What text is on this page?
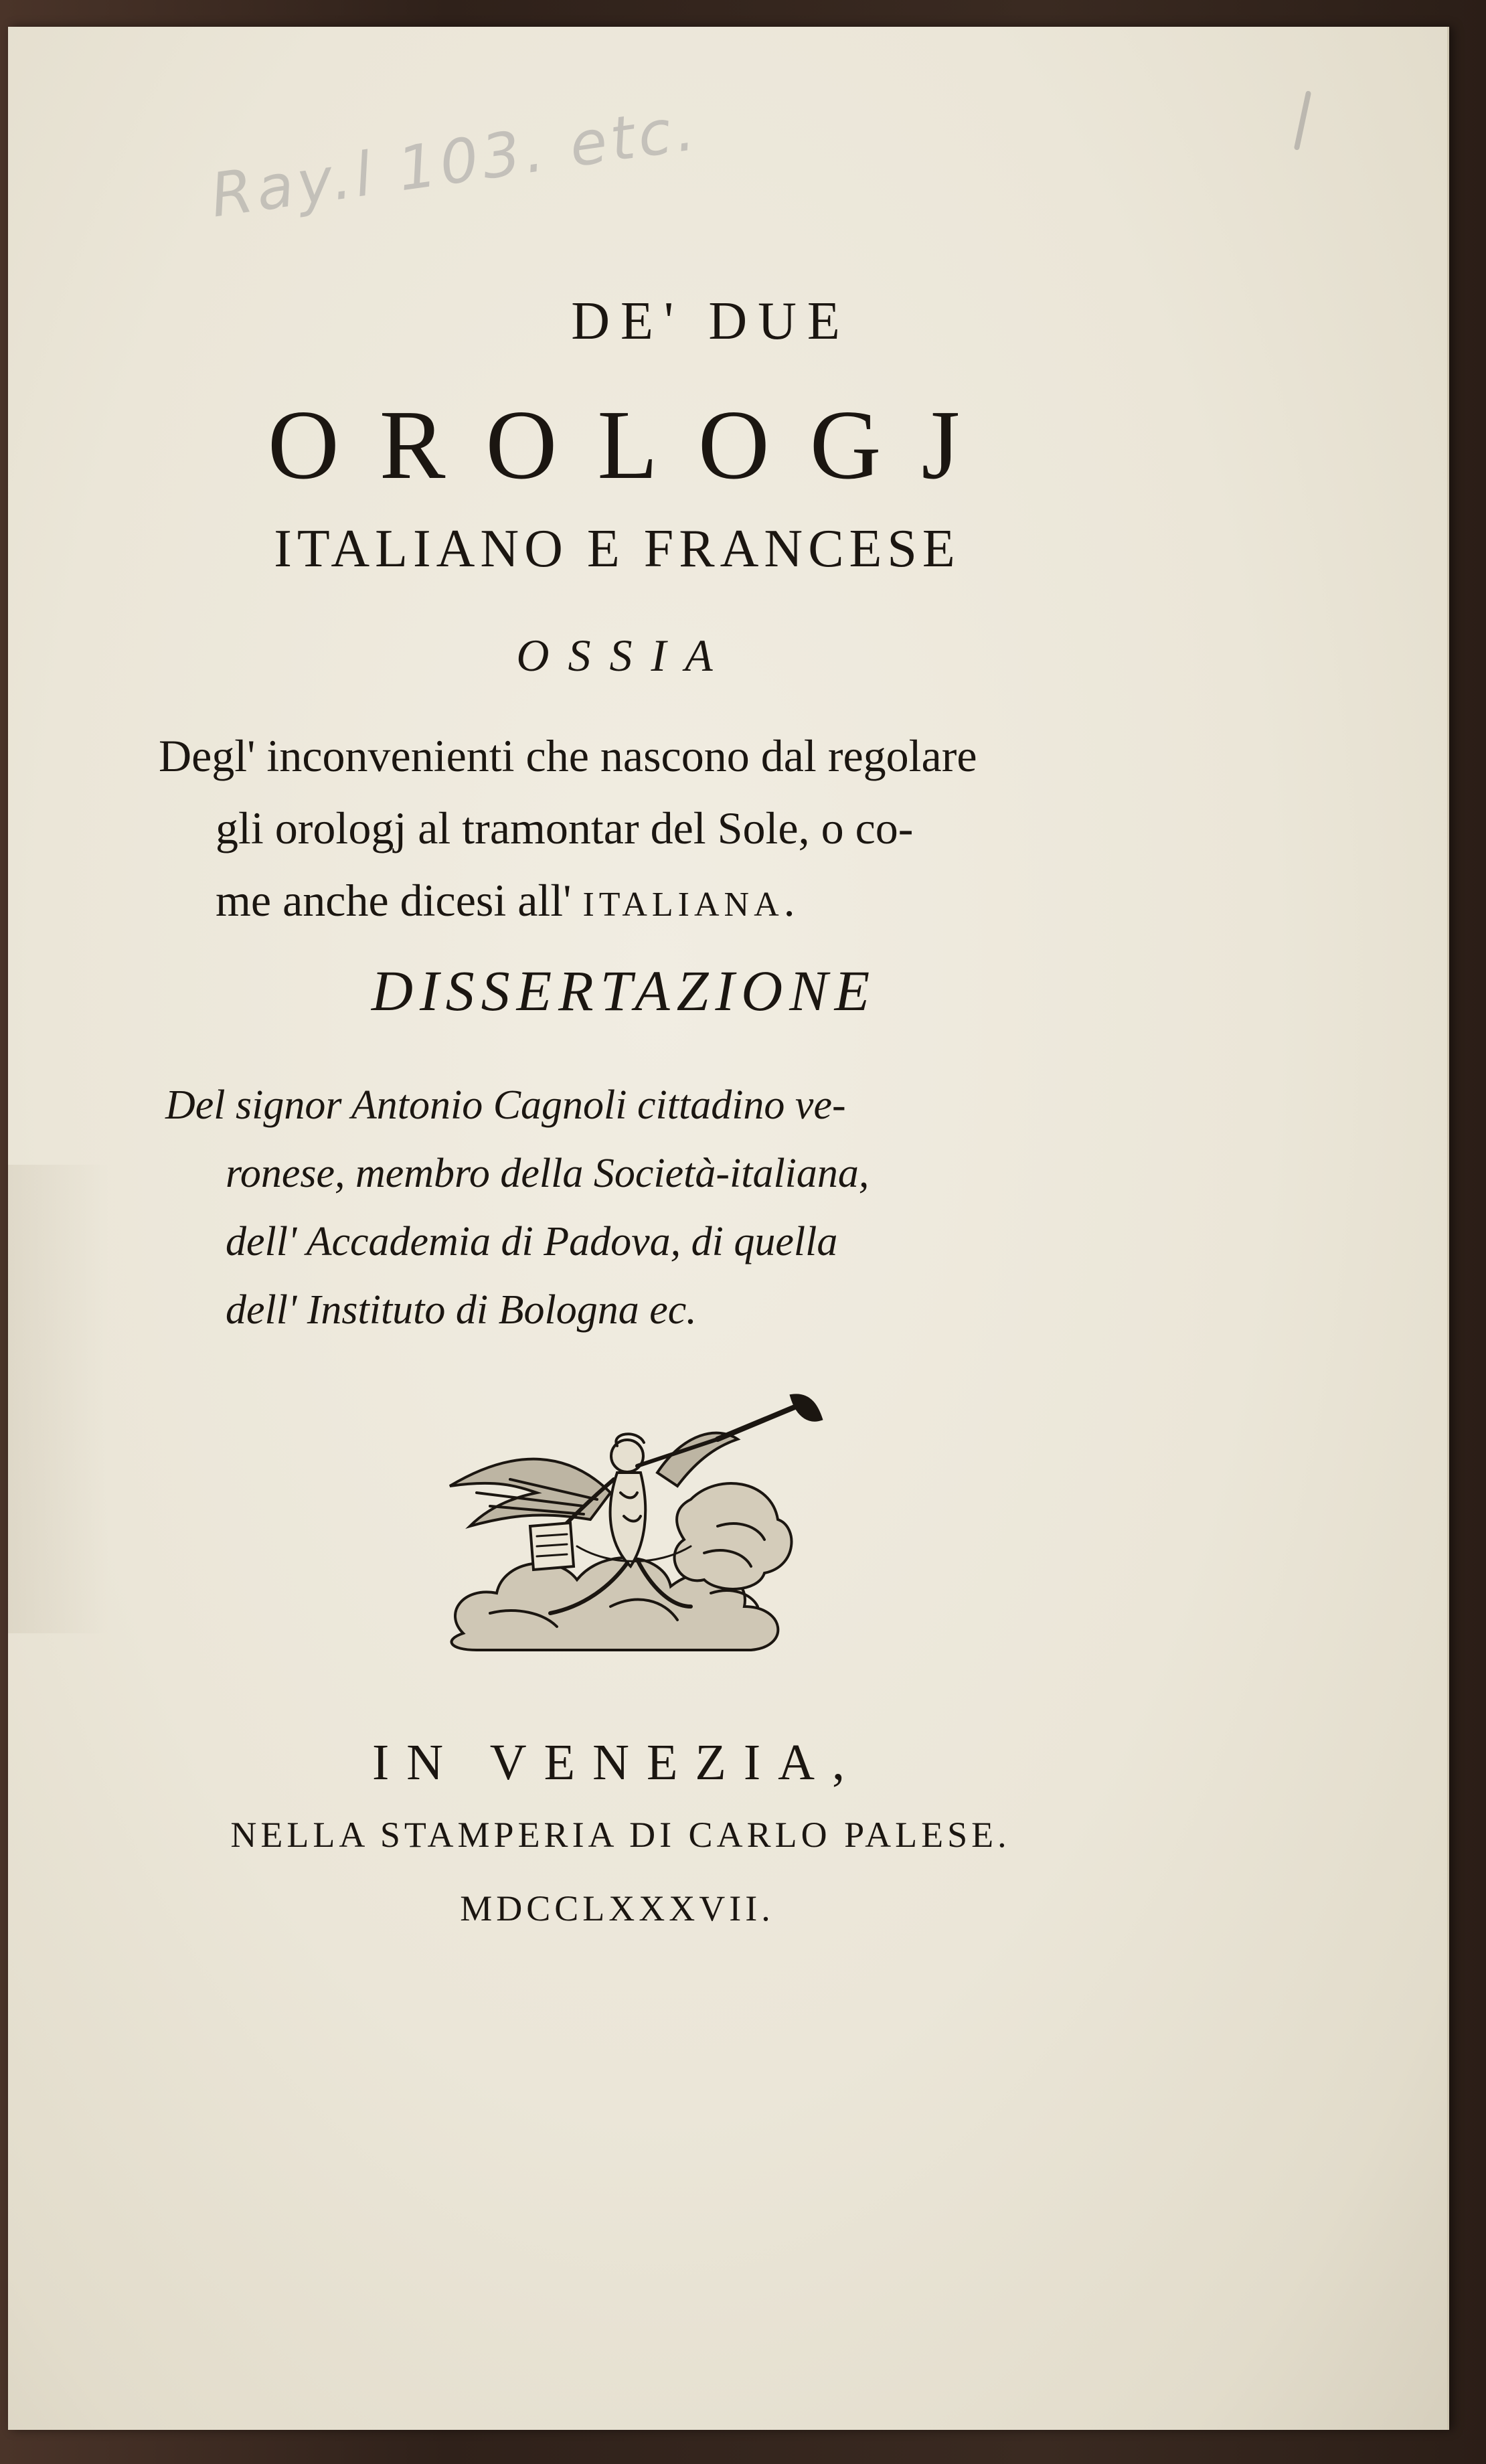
Ray.l 103. etc.
DE' DUE
OROLOGJ
ITALIANO E FRANCESE
OSSIA
Degl' inconvenienti che nascono dal regolare
gli orologj al tramontar del Sole, o co-
me anche dicesi all' ITALIANA.
DISSERTAZIONE
Del signor Antonio Cagnoli cittadino ve-
ronese, membro della Società-italiana,
dell' Accademia di Padova, di quella
dell' Instituto di Bologna ec.
IN VENEZIA,
NELLA STAMPERIA DI CARLO PALESE.
MDCCLXXXVII.
